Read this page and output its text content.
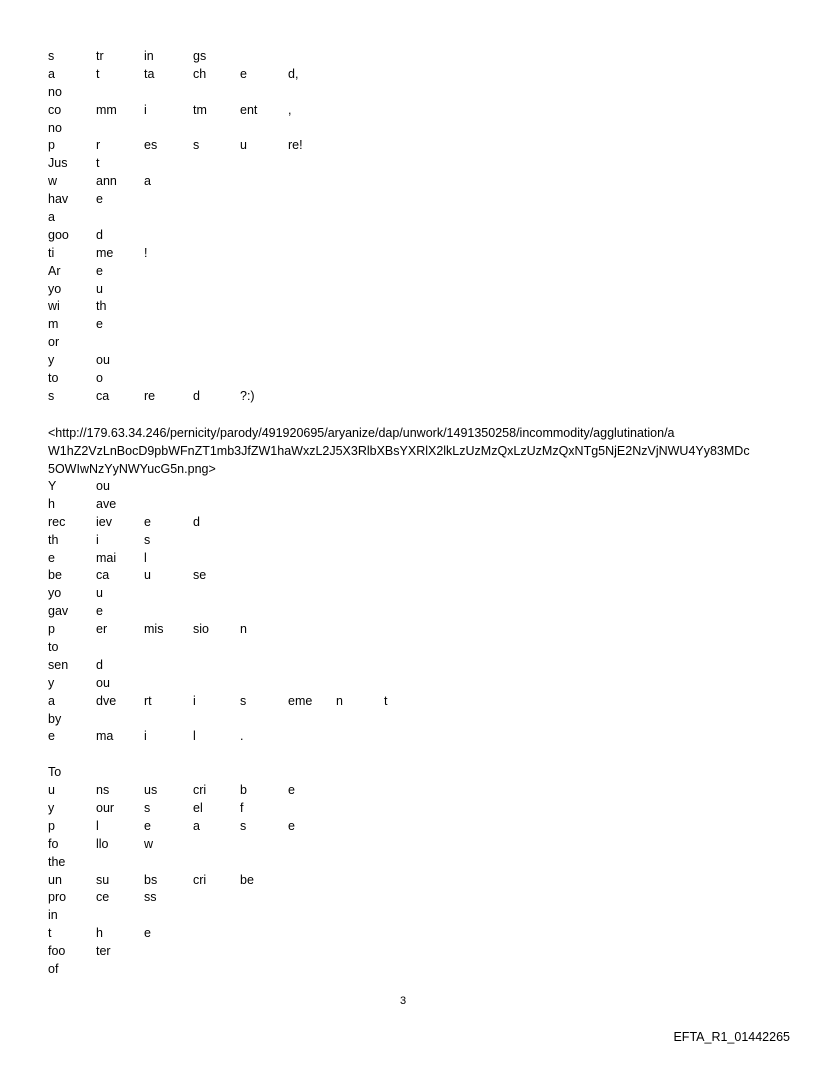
s	tr	in	gs
a	t	ta	ch	e	d,
no
co	mm i	tm	ent ,
no
p	r	es	s	u	re!
Jus t
w	ann a
hav e
a
goo d
ti	me !
Ar	e
yo	u
wi	th
m	e
or
y	ou
to	o
s	ca	re	d	?:)
<http://179.63.34.246/pernicity/parody/491920695/aryanize/dap/unwork/1491350258/incommodity/agglutination/a
W1hZ2VzLnBocD9pbWFnZT1mb3JfZW1haWxzL2J5X3RlbXBsYXRlX2lkLzUzMzQxLzUzMzQxNTg5NjE2NzVjNWU4Yy83MDc
5OWIwNzYyNWYucG5n.png>
Y	ou
h	ave
rec iev	e	d
th	i	s
e	mai l
be	ca	u	se
yo	u
gav e
p	er	mis sio n
to
sen d
y	ou
a	dve rt	i	s	eme n	t
by
e	ma i	l	.
To
u	ns	us	cri	b	e
y	our s	el	f
p	l	e	a	s	e
fo	llo	w
the
un	su	bs	cri	be
pro ce	ss
in
t	h	e
foo ter
of
3
EFTA_R1_01442265
